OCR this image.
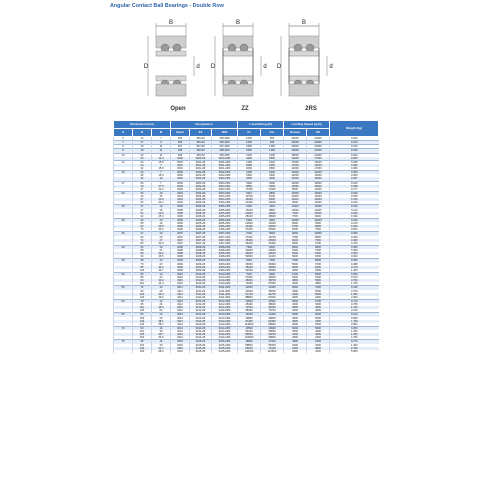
Angular Contact Ball Bearings - Double Row
B
D	d
Open
B
D	d
ZZ
B
D	d
2RS
Dimension (mm)			Designation			Load Rating (N)		Limiting Speed (rpm)		Weight (kg)
d	D	B	Open	ZZ	2RS	Cr	Cor	Grease	Oil	
6	14	7	305	305-ZZ	305-2RS	1050	550	34000	22000	0.006
7	17	9	306	306-ZZ	306-2RS	1650	930	22000	22000	0.010
8	19	11	307	307-ZZ	307-2RS	2350	1250	20000	22000	0.015
9	19	11	308	308-ZZ	308-2RS	2450	1350	19000	21000	0.020
10	22	11	309	309-ZZ	309-2RS	2120	1400	18000	21000	0.020
	30	14.3	3200	3200-ZZ	3200-2RS	4490	2500	13000	17000	0.050
12	32	15.9	3201	3201-ZZ	3201-2RS	2190	1520	17000	19100	0.028
	24	7	3001	3001-ZZ	3001-2RS	3080	2050	17000	16000	0.060
	32	15.9	3301	3301-ZZ	3301-2RS	6060	3500	14000	17000	0.066
15	24	7	3002	3002-ZZ	3002-2RS	3430	1900	16000	14000	0.009
	35	15.9	3202	3202-ZZ	3202-2RS	6300	3400	14000	16000	0.060
	42	19	3302	3302-ZZ	3302-2RS	6600	4000	14000	16000	0.067
17	26	7	3003	3003-ZZ	3003-2RS	3300	2000	14000	16000	0.016
	40	17.5	3203	3203-ZZ	3203-2RS	8800	5200	13000	15000	0.098
	47	22.2	3303	3303-ZZ	3303-2RS	17300	10400	8000	12000	0.177
20	32	10	3004	3004-ZZ	3004-2RS	5410	3800	13000	14000	0.020
	42	16	3204	3204-ZZ	3204-2RS	13700	8100	11000	13000	0.095
	47	20.6	3304	3304-ZZ	3304-2RS	14200	9000	11000	12000	0.140
	52	22.2	3404	3404-ZZ	3404-2RS	21200	12600	9000	11000	0.220
25	37	10	3005	3005-ZZ	3005-2RS	6100	4300	11000	13000	0.030
	47	16	3205	3205-ZZ	3205-2RS	15200	9800	10000	11000	0.110
	52	20.6	3305	3305-ZZ	3305-2RS	20600	13600	7500	10000	0.160
	62	25.4	3405	3405-ZZ	3405-2RS	28100	18600	7500	9000	0.340
30	42	10	3006	3006-ZZ	3006-2RS	6300	4900	10000	11000	0.040
	55	19	3206	3206-ZZ	3206-2RS	20000	14600	8000	9500	0.210
	62	23.8	3306	3306-ZZ	3306-2RS	29400	20000	6700	8000	0.290
	72	30.2	3406	3406-ZZ	3406-2RS	37200	25900	6000	7500	0.554
35	47	10	3007	3007-ZZ	3007-2RS	7000	5600	9000	10000	0.050
	62	20	3207	3207-ZZ	3207-2RS	27200	19700	7000	8500	0.290
	72	27	3307	3307-ZZ	3307-2RS	35400	25000	6000	7000	0.460
	80	34.9	3407	3407-ZZ	3407-2RS	46100	33400	5600	6700	0.760
40	52	10	3008	3008-ZZ	3008-2RS	7900	6600	8000	9000	0.060
	68	21	3208	3208-ZZ	3208-2RS	30200	23600	6300	7500	0.360
	80	30.2	3308	3308-ZZ	3308-2RS	39000	29600	5300	6300	0.650
	90	36.5	3408	3408-ZZ	3408-2RS	54800	41100	5000	6000	0.960
45	58	10	3009	3009-ZZ	3009-2RS	8400	7500	7500	8500	0.080
	75	23	3209	3209-ZZ	3209-2RS	36000	28400	5600	6700	0.480
	85	30.2	3309	3309-ZZ	3309-2RS	48100	36000	5000	6000	0.740
	100	39.7	3409	3409-ZZ	3409-2RS	62100	48300	4500	5300	1.300
50	65	12	3010	3010-ZZ	3010-2RS	7000	9400	6700	8000	0.090
	80	23	3210	3210-ZZ	3210-2RS	37000	30600	5300	6300	0.510
	90	30.2	3310	3310-ZZ	3310-2RS	48400	38700	4800	5600	0.790
	110	44.4	3410	3410-ZZ	3410-2RS	74500	57600	4000	4800	1.700
55	72	13	3011	3011-ZZ	3011-2RS	12900	10400	6000	7000	0.150
	90	26	3211	3211-ZZ	3211-2RS	43000	35000	4500	5600	0.730
	100	33.3	3311	3311-ZZ	3311-2RS	57100	44700	4300	5000	1.060
	120	49.2	3411	3411-ZZ	3411-2RS	88800	67600	3600	4300	2.300
60	78	13	3012	3012-ZZ	3012-2RS	13600	11500	5600	6700	0.170
	95	26	3212	3212-ZZ	3212-2RS	45400	38900	4300	5300	0.780
	110	36.5	3312	3312-ZZ	3312-2RS	71500	56000	3800	4500	1.410
	130	54	3412	3412-ZZ	3412-2RS	98400	76700	3400	4000	3.010
65	85	13	3013	3013-ZZ	3013-2RS	14200	12400	5300	6000	0.210
	100	26	3213	3213-ZZ	3213-2RS	49800	42800	4000	5000	0.830
	120	38.1	3313	3313-ZZ	3313-2RS	81400	64300	3600	4300	1.790
	140	58.7	3413	3413-ZZ	3413-2RS	113600	89900	3000	3600	3.800
70	90	16	3014	3014-ZZ	3014-2RS	19500	16900	5000	5600	0.250
	110	30	3214	3214-ZZ	3214-2RS	54200	50800	3600	4300	1.250
	125	39.7	3314	3314-ZZ	3314-2RS	88500	69700	3400	4000	1.950
	150	63.5	3414	3414-ZZ	3414-2RS	126900	99800	2800	3400	4.750
75	95	16	3015	3015-ZZ	3015-2RS	18800	17400	4800	5300	0.270
	115	30	3215	3215-ZZ	3215-2RS	58800	55300	3400	4000	1.300
	130	41.3	3315	3315-ZZ	3315-2RS	93200	74100	3200	3800	2.150
	160	68.3	3415	3415-ZZ	3415-2RS	140400	112600	2600	3200	5.800
